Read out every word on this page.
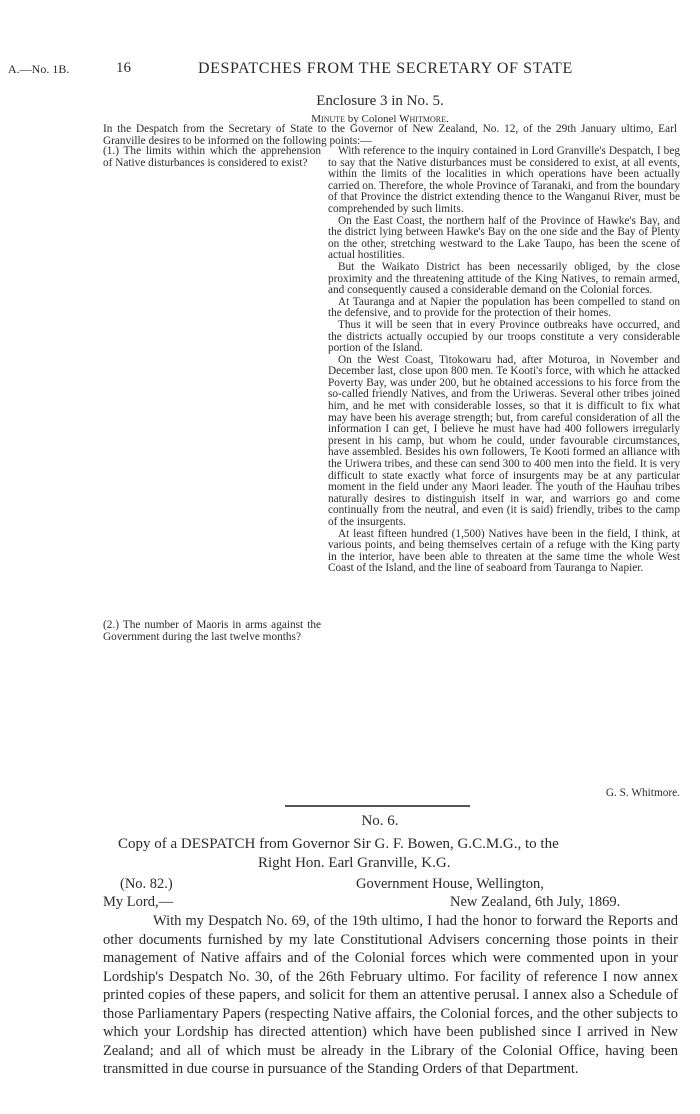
A.—No. 1B.	16	DESPATCHES FROM THE SECRETARY OF STATE
Enclosure 3 in No. 5.
Minute by Colonel Whitmore.
In the Despatch from the Secretary of State to the Governor of New Zealand, No. 12, of the 29th January ultimo, Earl Granville desires to be informed on the following points:—
(1.) The limits within which the apprehension of Native disturbances is considered to exist?
(2.) The number of Maoris in arms against the Government during the last twelve months?

With reference to the inquiry contained in Lord Granville's Despatch, I beg to say that the Native disturbances must be considered to exist, at all events, within the limits of the localities in which operations have been actually carried on. Therefore, the whole Province of Taranaki, and from the boundary of that Province the district extending thence to the Wanganui River, must be comprehended by such limits.

On the East Coast, the northern half of the Province of Hawke's Bay, and the district lying between Hawke's Bay on the one side and the Bay of Plenty on the other, stretching westward to the Lake Taupo, has been the scene of actual hostilities.

But the Waikato District has been necessarily obliged, by the close proximity and the threatening attitude of the King Natives, to remain armed, and consequently caused a considerable demand on the Colonial forces.

At Tauranga and at Napier the population has been compelled to stand on the defensive, and to provide for the protection of their homes.

Thus it will be seen that in every Province outbreaks have occurred, and the districts actually occupied by our troops constitute a very considerable portion of the Island.

On the West Coast, Titokowaru had, after Moturoa, in November and December last, close upon 800 men. Te Kooti's force, with which he attacked Poverty Bay, was under 200, but he obtained accessions to his force from the so-called friendly Natives, and from the Uriweras. Several other tribes joined him, and he met with considerable losses, so that it is difficult to fix what may have been his average strength; but, from careful consideration of all the information I can get, I believe he must have had 400 followers irregularly present in his camp, but whom he could, under favourable circumstances, have assembled. Besides his own followers, Te Kooti formed an alliance with the Uriwera tribes, and these can send 300 to 400 men into the field. It is very difficult to state exactly what force of insurgents may be at any particular moment in the field under any Maori leader. The youth of the Hauhau tribes naturally desires to distinguish itself in war, and warriors go and come continually from the neutral, and even (it is said) friendly, tribes to the camp of the insurgents.

At least fifteen hundred (1,500) Natives have been in the field, I think, at various points, and being themselves certain of a refuge with the King party in the interior, have been able to threaten at the same time the whole West Coast of the Island, and the line of seaboard from Tauranga to Napier.

G. S. Whitmore.
No. 6.
Copy of a DESPATCH from Governor Sir G. F. Bowen, G.C.M.G., to the
Right Hon. Earl Granville, K.G.
(No. 82.)	Government House, Wellington,
My Lord,—	New Zealand, 6th July, 1869.
With my Despatch No. 69, of the 19th ultimo, I had the honor to forward the Reports and other documents furnished by my late Constitutional Advisers concerning those points in their management of Native affairs and of the Colonial forces which were commented upon in your Lordship's Despatch No. 30, of the 26th February ultimo. For facility of reference I now annex printed copies of these papers, and solicit for them an attentive perusal. I annex also a Schedule of those Parliamentary Papers (respecting Native affairs, the Colonial forces, and the other subjects to which your Lordship has directed attention) which have been published since I arrived in New Zealand; and all of which must be already in the Library of the Colonial Office, having been transmitted in due course in pursuance of the Standing Orders of that Department.
